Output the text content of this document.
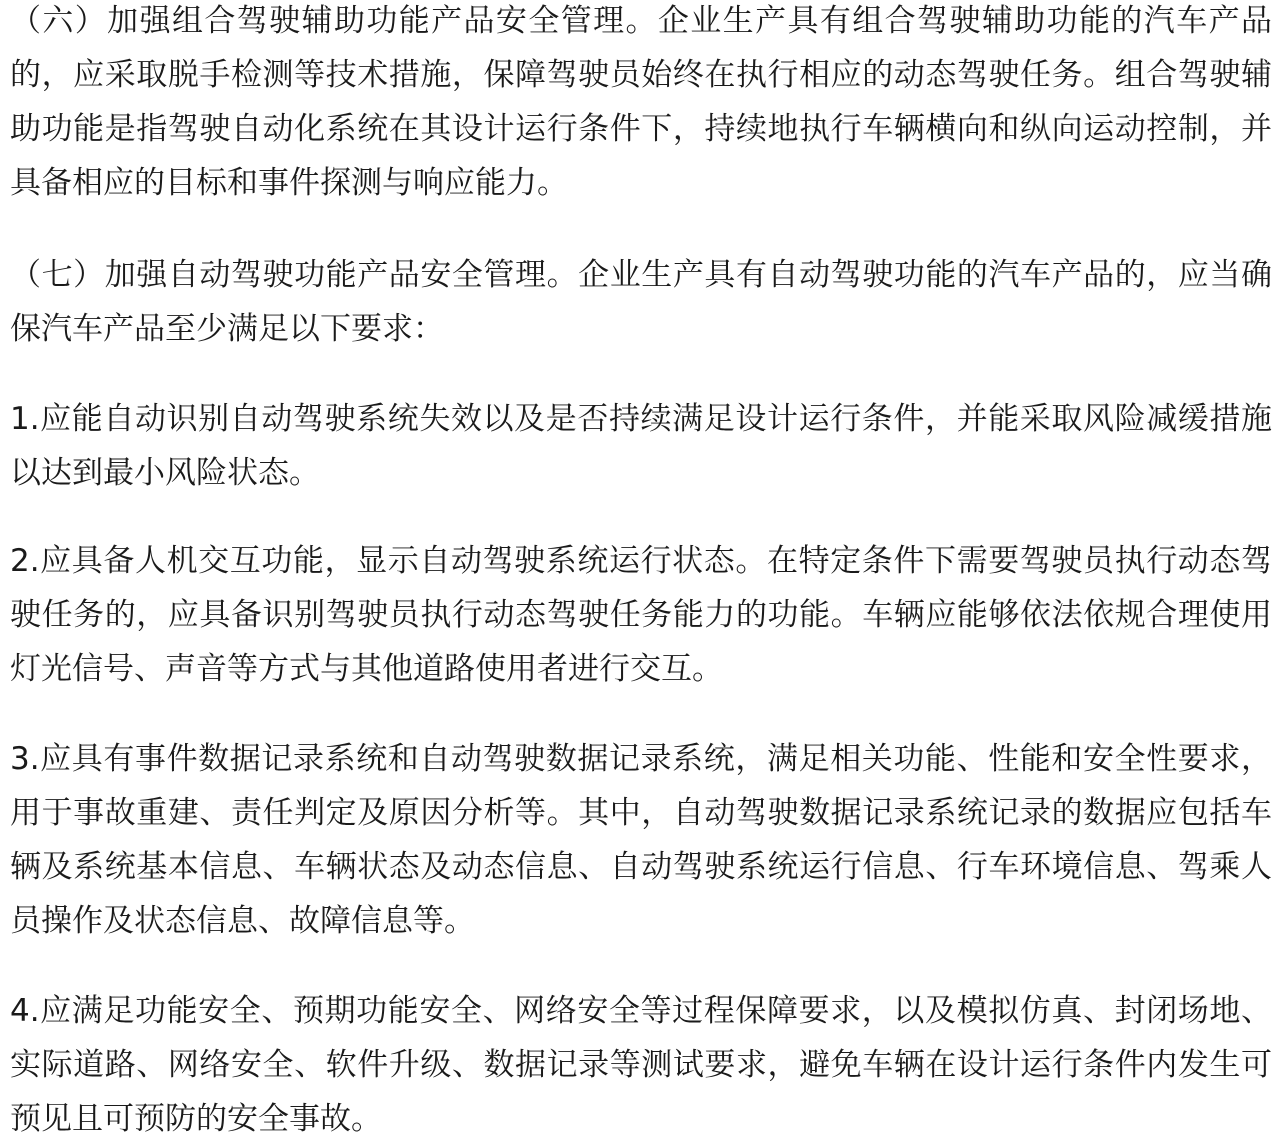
（六）加强组合驾驶辅助功能产品安全管理。企业生产具有组合驾驶辅助功能的汽车产品的，应采取脱手检测等技术措施，保障驾驶员始终在执行相应的动态驾驶任务。组合驾驶辅助功能是指驾驶自动化系统在其设计运行条件下，持续地执行车辆横向和纵向运动控制，并具备相应的目标和事件探测与响应能力。

（七）加强自动驾驶功能产品安全管理。企业生产具有自动驾驶功能的汽车产品的，应当确保汽车产品至少满足以下要求：

1.应能自动识别自动驾驶系统失效以及是否持续满足设计运行条件，并能采取风险减缓措施以达到最小风险状态。

2.应具备人机交互功能，显示自动驾驶系统运行状态。在特定条件下需要驾驶员执行动态驾驶任务的，应具备识别驾驶员执行动态驾驶任务能力的功能。车辆应能够依法依规合理使用灯光信号、声音等方式与其他道路使用者进行交互。

3.应具有事件数据记录系统和自动驾驶数据记录系统，满足相关功能、性能和安全性要求，用于事故重建、责任判定及原因分析等。其中，自动驾驶数据记录系统记录的数据应包括车辆及系统基本信息、车辆状态及动态信息、自动驾驶系统运行信息、行车环境信息、驾乘人员操作及状态信息、故障信息等。

4.应满足功能安全、预期功能安全、网络安全等过程保障要求，以及模拟仿真、封闭场地、实际道路、网络安全、软件升级、数据记录等测试要求，避免车辆在设计运行条件内发生可预见且可预防的安全事故。
